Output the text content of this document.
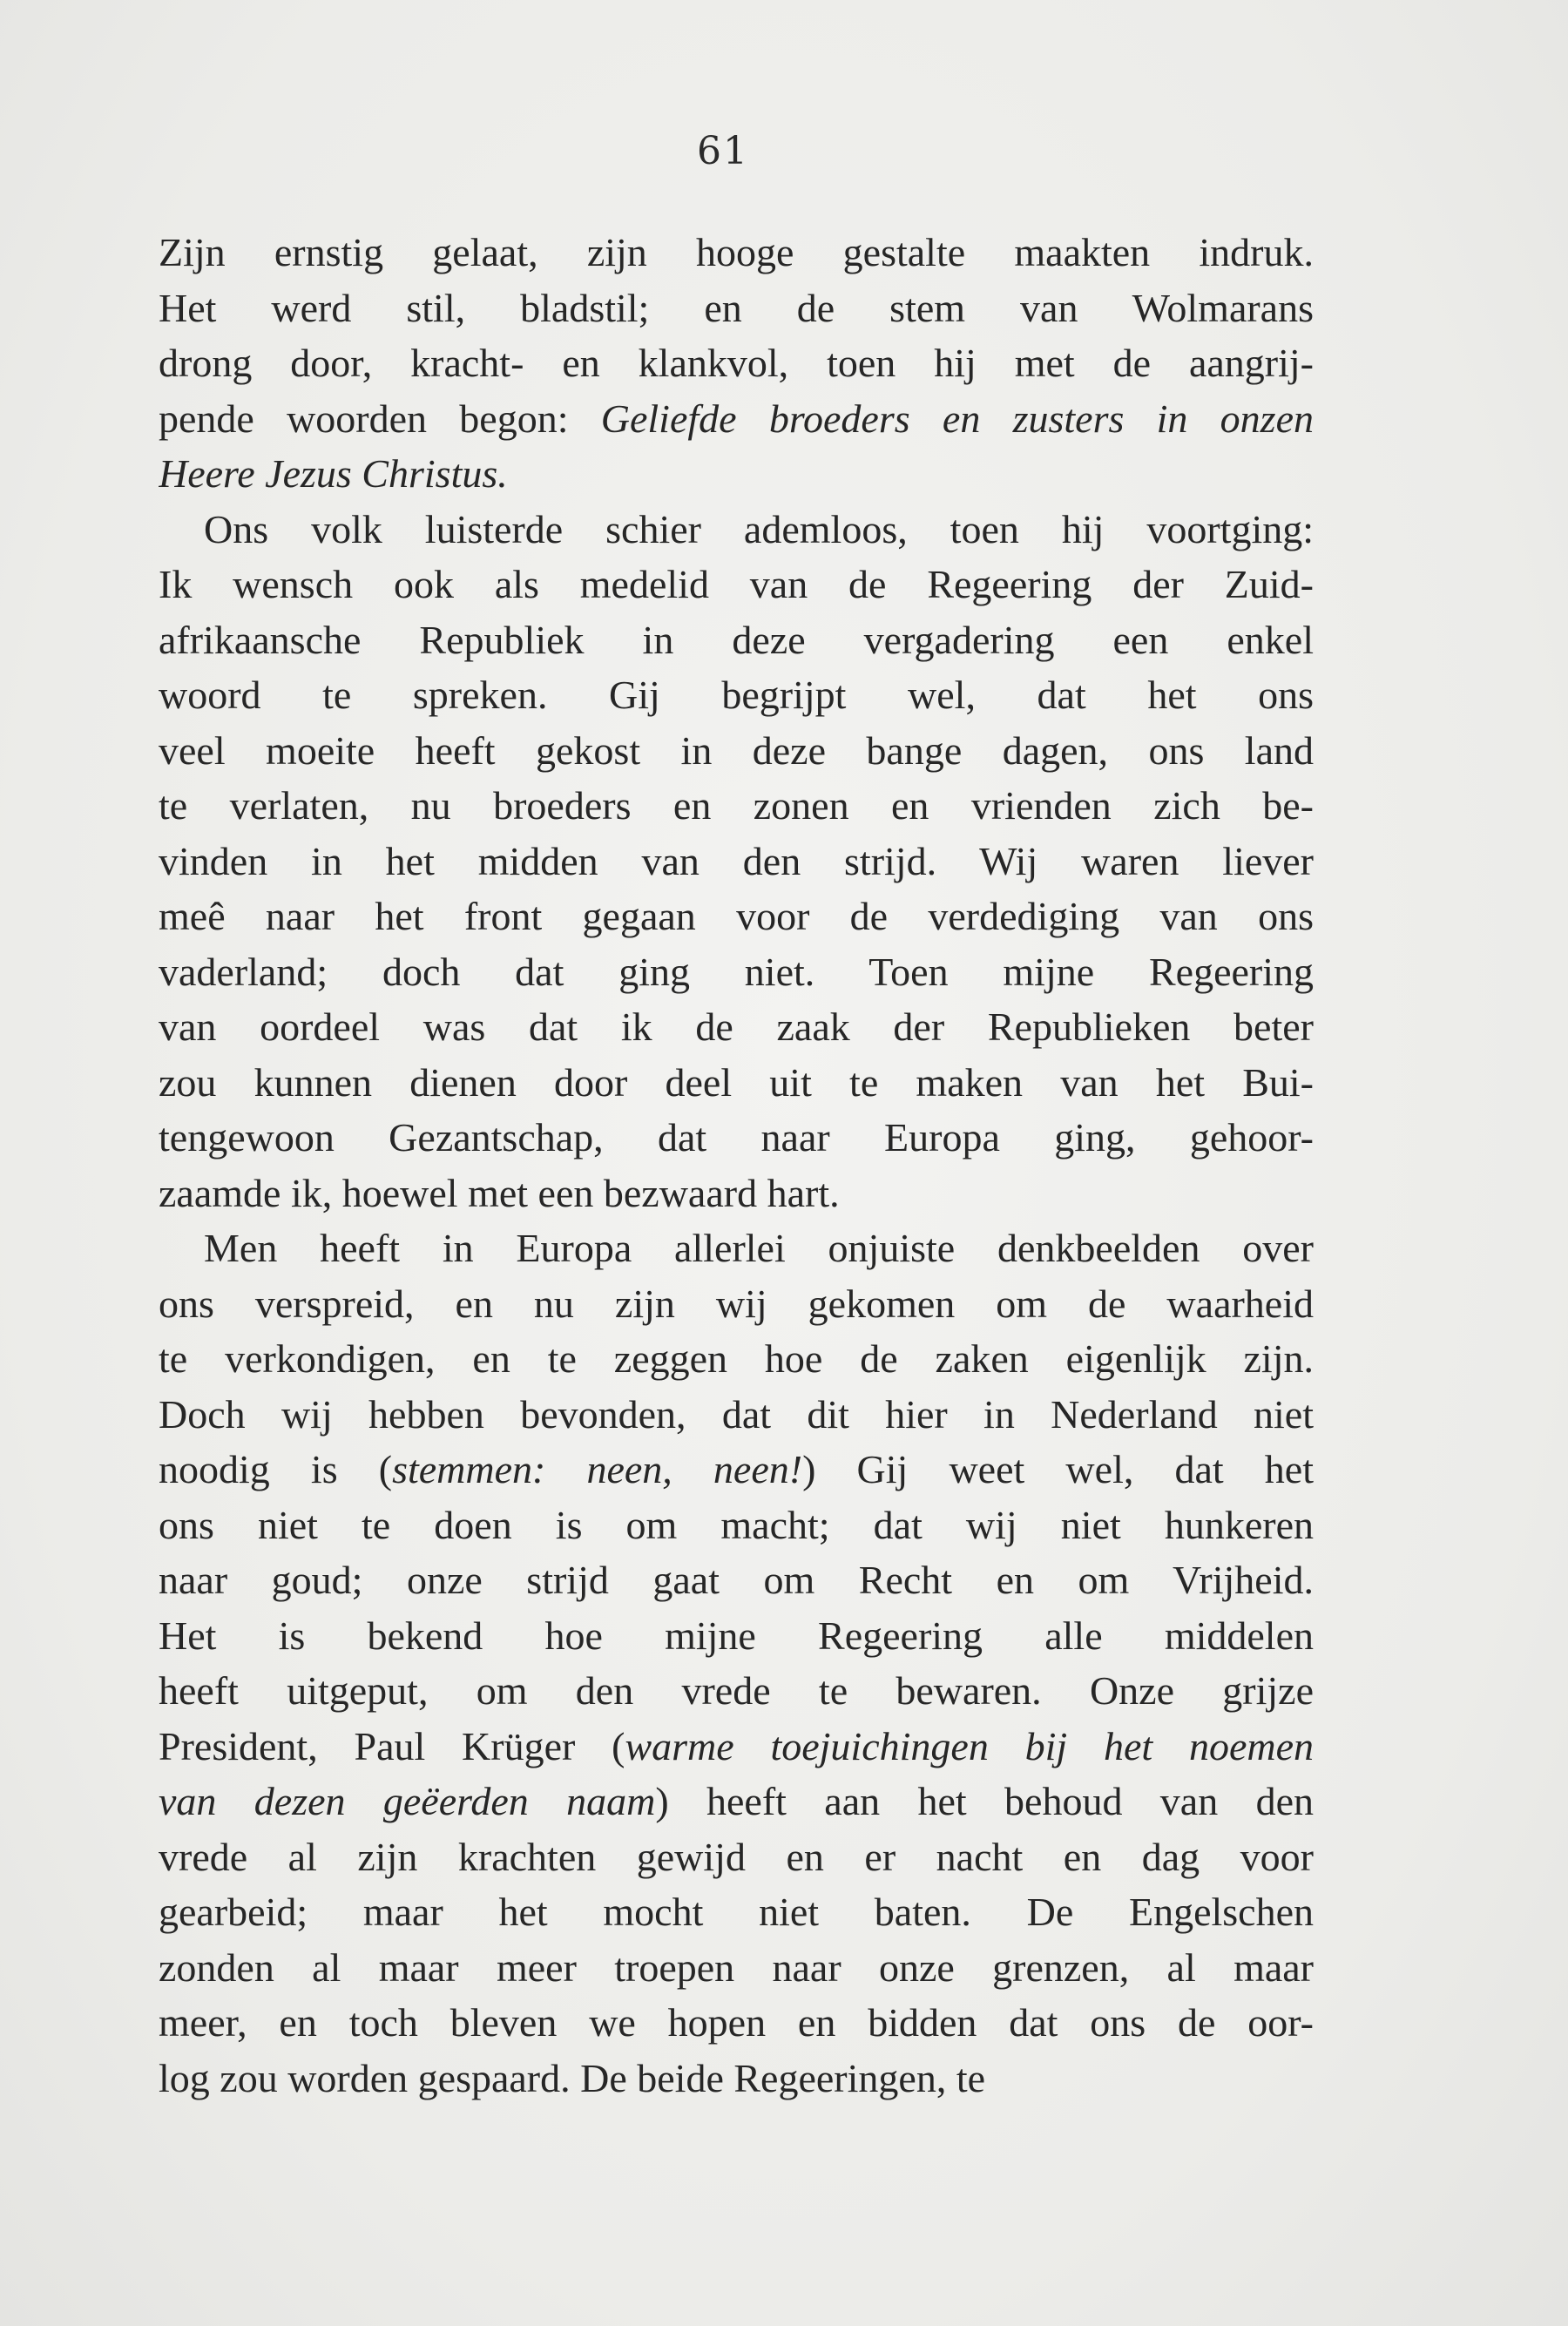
61
Zijn ernstig gelaat, zijn hooge gestalte maakten indruk.
Het werd stil, bladstil; en de stem van Wolmarans
drong door, kracht- en klankvol, toen hij met de aangrij-
pende woorden begon: Geliefde broeders en zusters in onzen
Heere Jezus Christus.
Ons volk luisterde schier ademloos, toen hij voortging:
Ik wensch ook als medelid van de Regeering der Zuid-
afrikaansche Republiek in deze vergadering een enkel
woord te spreken. Gij begrijpt wel, dat het ons
veel moeite heeft gekost in deze bange dagen, ons land
te verlaten, nu broeders en zonen en vrienden zich be-
vinden in het midden van den strijd. Wij waren liever
meê naar het front gegaan voor de verdediging van ons
vaderland; doch dat ging niet. Toen mijne Regeering
van oordeel was dat ik de zaak der Republieken beter
zou kunnen dienen door deel uit te maken van het Bui-
tengewoon Gezantschap, dat naar Europa ging, gehoor-
zaamde ik, hoewel met een bezwaard hart.
Men heeft in Europa allerlei onjuiste denkbeelden over
ons verspreid, en nu zijn wij gekomen om de waarheid
te verkondigen, en te zeggen hoe de zaken eigenlijk zijn.
Doch wij hebben bevonden, dat dit hier in Nederland niet
noodig is (stemmen: neen, neen!) Gij weet wel, dat het
ons niet te doen is om macht; dat wij niet hunkeren
naar goud; onze strijd gaat om Recht en om Vrijheid.
Het is bekend hoe mijne Regeering alle middelen
heeft uitgeput, om den vrede te bewaren. Onze grijze
President, Paul Krüger (warme toejuichingen bij het noemen
van dezen geëerden naam) heeft aan het behoud van den
vrede al zijn krachten gewijd en er nacht en dag voor
gearbeid; maar het mocht niet baten. De Engelschen
zonden al maar meer troepen naar onze grenzen, al maar
meer, en toch bleven we hopen en bidden dat ons de oor-
log zou worden gespaard. De beide Regeeringen, te
